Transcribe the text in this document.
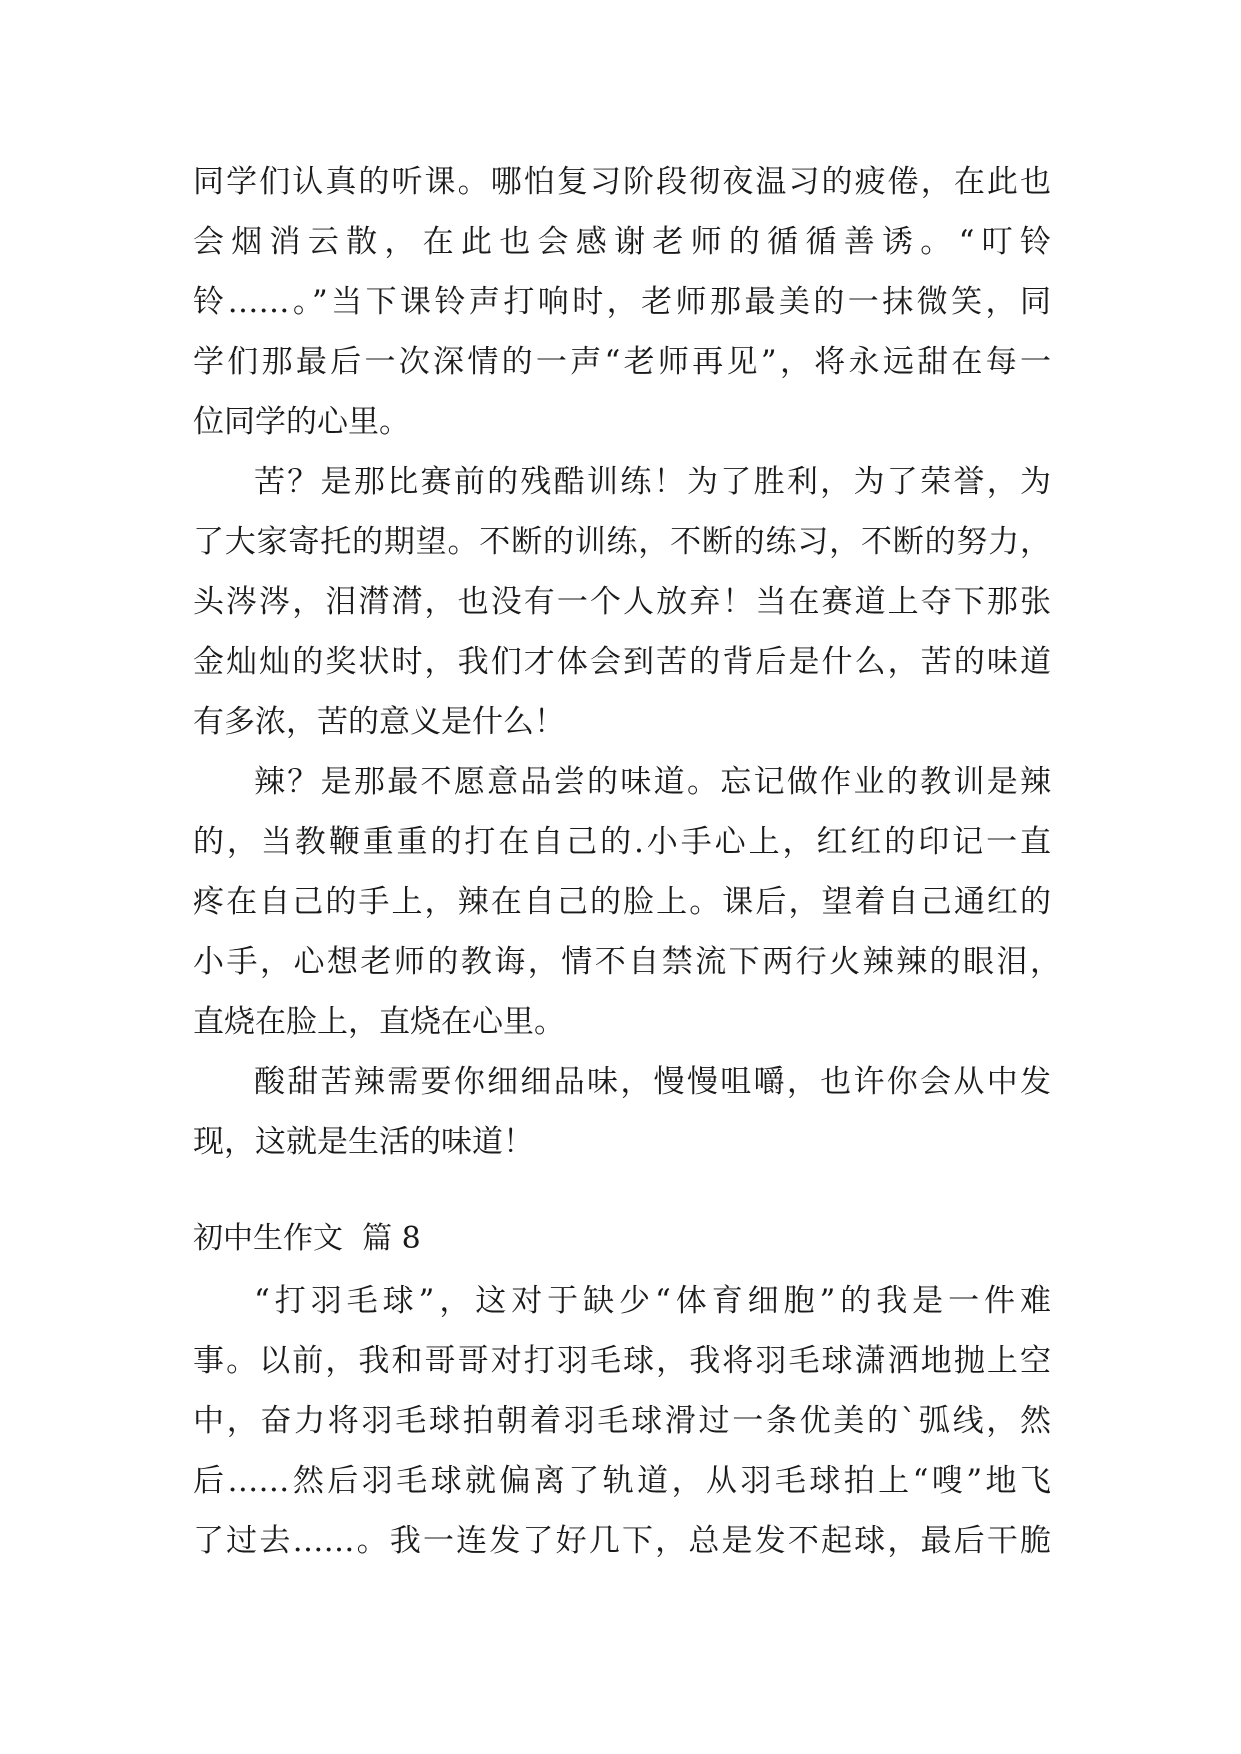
同学们认真的听课。哪怕复习阶段彻夜温习的疲倦，在此也
会烟消云散，在此也会感谢老师的循循善诱。“叮铃
铃……。”当下课铃声打响时，老师那最美的一抹微笑，同
学们那最后一次深情的一声“老师再见”，将永远甜在每一
位同学的心里。
苦？是那比赛前的残酷训练！为了胜利，为了荣誉，为
了大家寄托的期望。不断的训练，不断的练习，不断的努力，
头涔涔，泪潸潸，也没有一个人放弃！当在赛道上夺下那张
金灿灿的奖状时，我们才体会到苦的背后是什么，苦的味道
有多浓，苦的意义是什么！
辣？是那最不愿意品尝的味道。忘记做作业的教训是辣
的，当教鞭重重的打在自己的.小手心上，红红的印记一直
疼在自己的手上，辣在自己的脸上。课后，望着自己通红的
小手，心想老师的教诲，情不自禁流下两行火辣辣的眼泪，
直烧在脸上，直烧在心里。
酸甜苦辣需要你细细品味，慢慢咀嚼，也许你会从中发
现，这就是生活的味道！
初中生作文  篇 8
“打羽毛球”，这对于缺少“体育细胞”的我是一件难
事。以前，我和哥哥对打羽毛球，我将羽毛球潇洒地抛上空
中，奋力将羽毛球拍朝着羽毛球滑过一条优美的`弧线，然
后……然后羽毛球就偏离了轨道，从羽毛球拍上“嗖”地飞
了过去……。我一连发了好几下，总是发不起球，最后干脆
